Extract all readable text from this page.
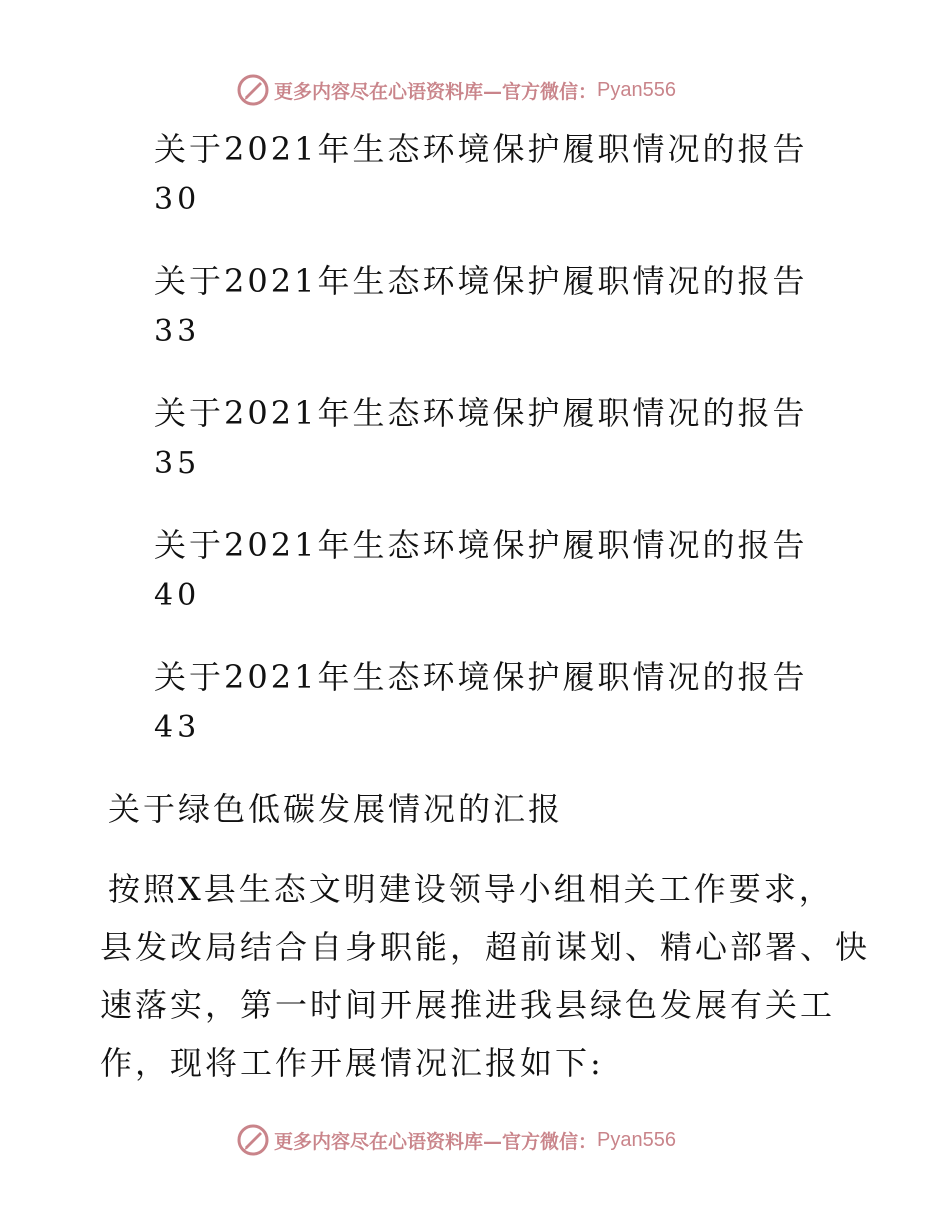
更多内容尽在心语资料库—官方微信： Pyan556
关于2021年生态环境保护履职情况的报告
30
关于2021年生态环境保护履职情况的报告
33
关于2021年生态环境保护履职情况的报告
35
关于2021年生态环境保护履职情况的报告
40
关于2021年生态环境保护履职情况的报告
43
关于绿色低碳发展情况的汇报
按照X县生态文明建设领导小组相关工作要求，
县发改局结合自身职能，超前谋划、精心部署、快
速落实，第一时间开展推进我县绿色发展有关工
作，现将工作开展情况汇报如下:
更多内容尽在心语资料库—官方微信： Pyan556
